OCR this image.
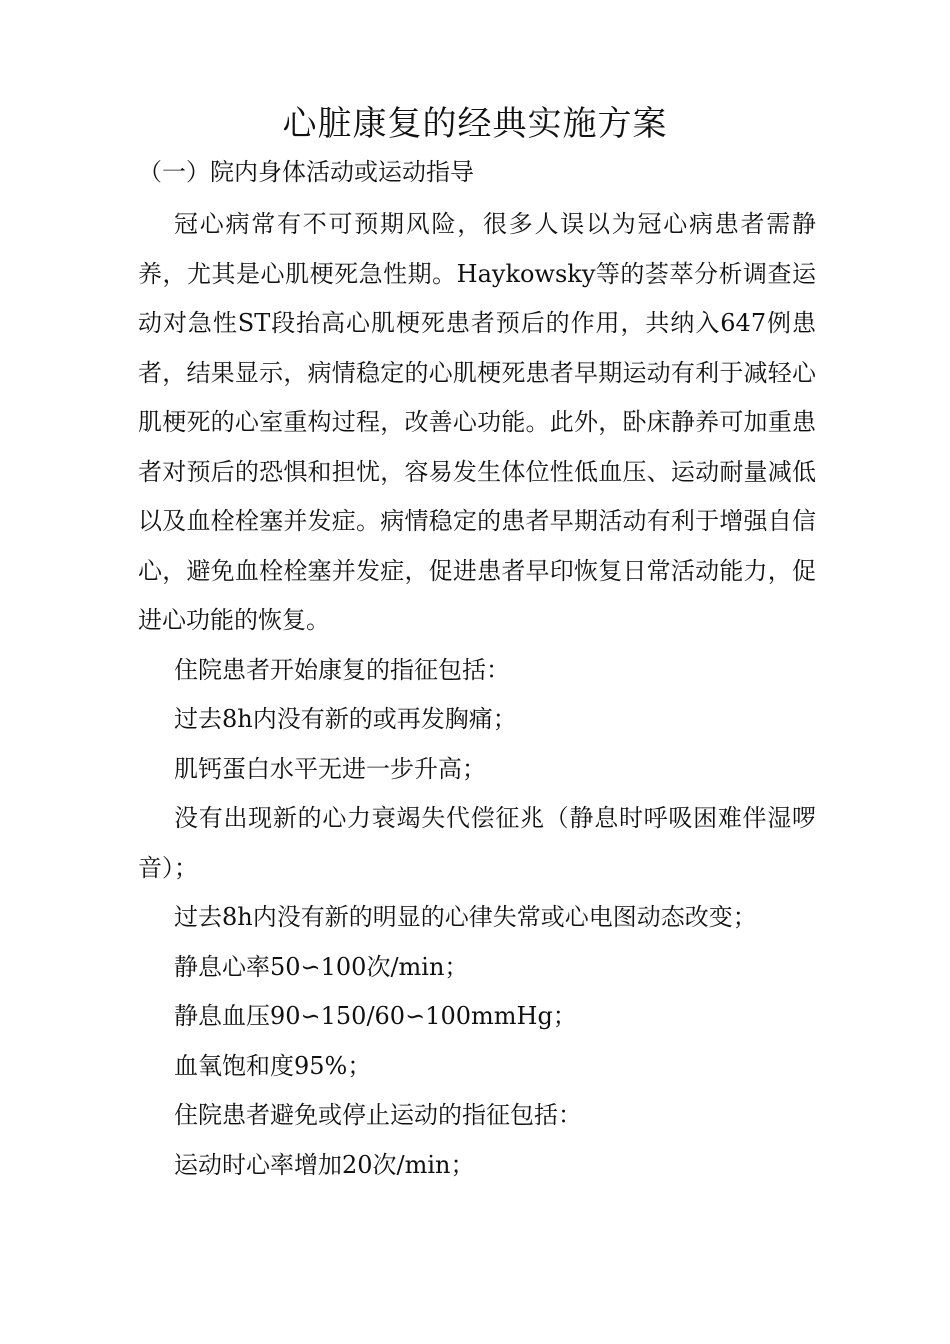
心脏康复的经典实施方案
（一）院内身体活动或运动指导

冠心病常有不可预期风险，很多人误以为冠心病患者需静养，尤其是心肌梗死急性期。Haykowsky等的荟萃分析调查运动对急性ST段抬高心肌梗死患者预后的作用，共纳入647例患者，结果显示，病情稳定的心肌梗死患者早期运动有利于减轻心肌梗死的心室重构过程，改善心功能。此外，卧床静养可加重患者对预后的恐惧和担忧，容易发生体位性低血压、运动耐量减低以及血栓栓塞并发症。病情稳定的患者早期活动有利于增强自信心，避免血栓栓塞并发症，促进患者早印恢复日常活动能力，促进心功能的恢复。

住院患者开始康复的指征包括：

过去8h内没有新的或再发胸痛；

肌钙蛋白水平无进一步升高；

没有出现新的心力衰竭失代偿征兆（静息时呼吸困难伴湿啰音）；

过去8h内没有新的明显的心律失常或心电图动态改变；

静息心率50∽100次/min；

静息血压90∽150/60∽100mmHg；

血氧饱和度95%；

住院患者避免或停止运动的指征包括：

运动时心率增加20次/min；
